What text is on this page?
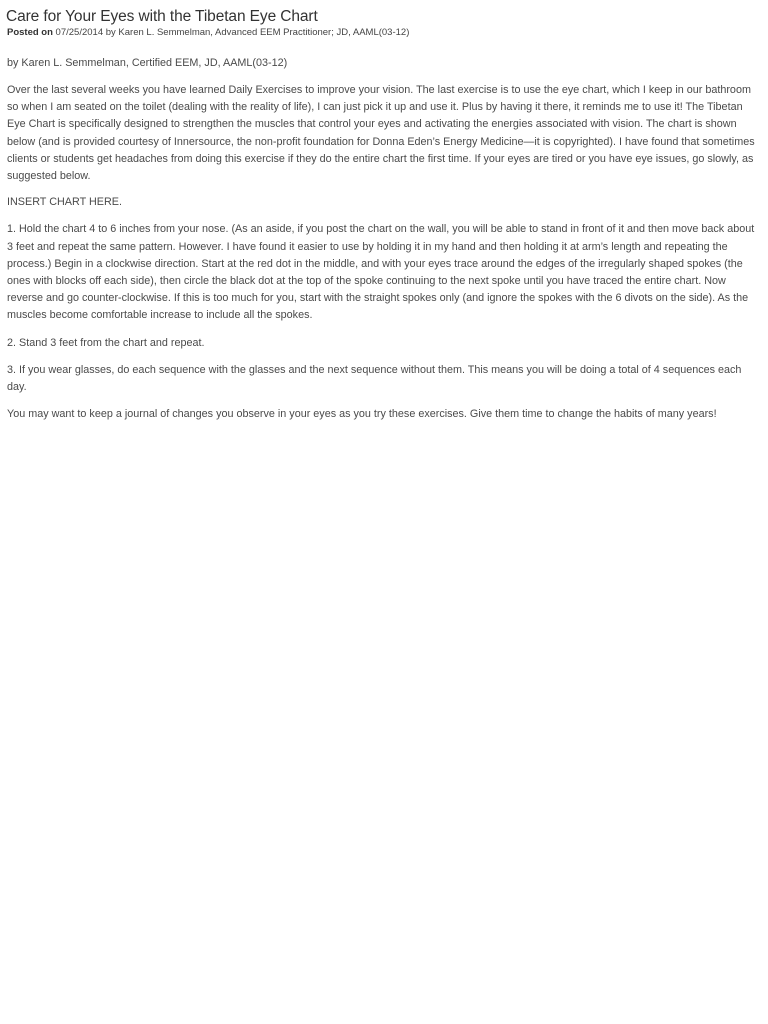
Care for Your Eyes with the Tibetan Eye Chart
Posted on 07/25/2014 by Karen L. Semmelman, Advanced EEM Practitioner; JD, AAML(03-12)

by Karen L. Semmelman, Certified EEM, JD, AAML(03-12)

Over the last several weeks you have learned Daily Exercises to improve your vision. The last exercise is to use the eye chart, which I keep in our bathroom so when I am seated on the toilet (dealing with the reality of life), I can just pick it up and use it. Plus by having it there, it reminds me to use it! The Tibetan Eye Chart is specifically designed to strengthen the muscles that control your eyes and activating the energies associated with vision. The chart is shown below (and is provided courtesy of Innersource, the non-profit foundation for Donna Eden’s Energy Medicine—it is copyrighted). I have found that sometimes clients or students get headaches from doing this exercise if they do the entire chart the first time. If your eyes are tired or you have eye issues, go slowly, as suggested below.

INSERT CHART HERE.

1. Hold the chart 4 to 6 inches from your nose. (As an aside, if you post the chart on the wall, you will be able to stand in front of it and then move back about 3 feet and repeat the same pattern. However. I have found it easier to use by holding it in my hand and then holding it at arm’s length and repeating the process.) Begin in a clockwise direction. Start at the red dot in the middle, and with your eyes trace around the edges of the irregularly shaped spokes (the ones with blocks off each side), then circle the black dot at the top of the spoke continuing to the next spoke until you have traced the entire chart. Now reverse and go counter-clockwise. If this is too much for you, start with the straight spokes only (and ignore the spokes with the 6 divots on the side). As the muscles become comfortable increase to include all the spokes.

2. Stand 3 feet from the chart and repeat.

3. If you wear glasses, do each sequence with the glasses and the next sequence without them. This means you will be doing a total of 4 sequences each day.

You may want to keep a journal of changes you observe in your eyes as you try these exercises. Give them time to change the habits of many years!
